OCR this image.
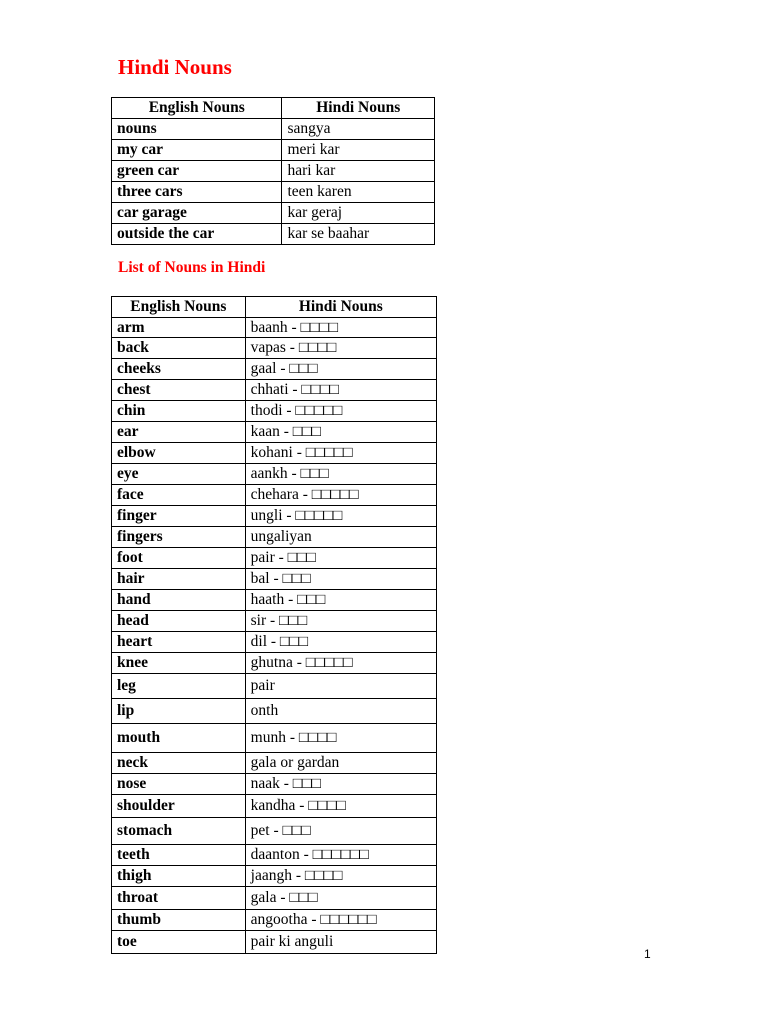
Hindi Nouns
English Nouns	Hindi Nouns
nouns	sangya
my car	meri kar
green car	hari kar
three cars	teen karen
car garage	kar geraj
outside the car	kar se baahar
List of Nouns in Hindi
English Nouns	Hindi Nouns
arm	baanh - □□□□
back	vapas - □□□□
cheeks	gaal - □□□
chest	chhati - □□□□
chin	thodi - □□□□□
ear	kaan - □□□
elbow	kohani - □□□□□
eye	aankh - □□□
face	chehara - □□□□□
finger	ungli - □□□□□
fingers	ungaliyan
foot	pair - □□□
hair	bal - □□□
hand	haath - □□□
head	sir - □□□
heart	dil - □□□
knee	ghutna - □□□□□
leg	pair
lip	onth
mouth	munh - □□□□
neck	gala or gardan
nose	naak - □□□
shoulder	kandha - □□□□
stomach	pet - □□□
teeth	daanton - □□□□□□
thigh	jaangh - □□□□
throat	gala - □□□
thumb	angootha - □□□□□□
toe	pair ki anguli
1
